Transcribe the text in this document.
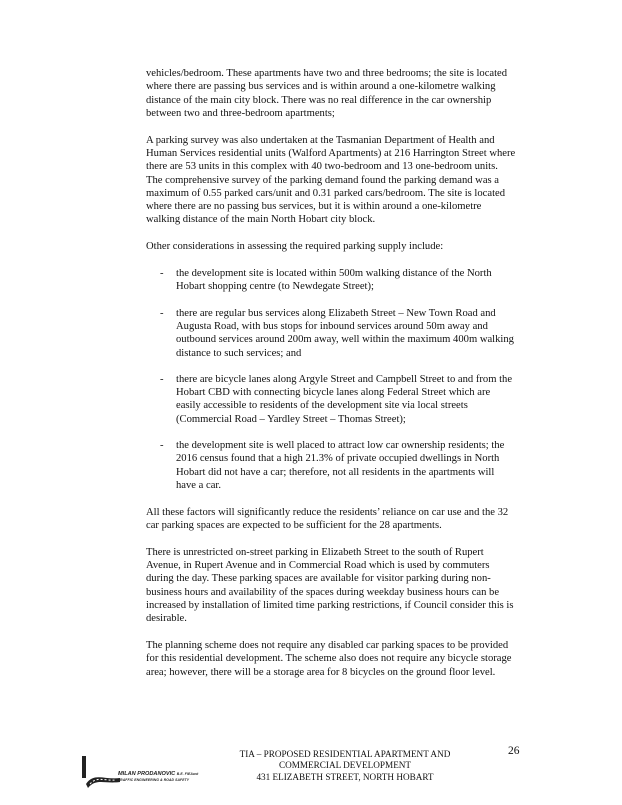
vehicles/bedroom. These apartments have two and three bedrooms; the site is located where there are passing bus services and is within around a one-kilometre walking distance of the main city block. There was no real difference in the car ownership between two and three-bedroom apartments;

A parking survey was also undertaken at the Tasmanian Department of Health and Human Services residential units (Walford Apartments) at 216 Harrington Street where there are 53 units in this complex with 40 two-bedroom and 13 one-bedroom units. The comprehensive survey of the parking demand found the parking demand was a maximum of 0.55 parked cars/unit and 0.31 parked cars/bedroom. The site is located where there are no passing bus services, but it is within around a one-kilometre walking distance of the main North Hobart city block.

Other considerations in assessing the required parking supply include:

- the development site is located within 500m walking distance of the North Hobart shopping centre (to Newdegate Street);
- there are regular bus services along Elizabeth Street – New Town Road and Augusta Road, with bus stops for inbound services around 50m away and outbound services around 200m away, well within the maximum 400m walking distance to such services; and
- there are bicycle lanes along Argyle Street and Campbell Street to and from the Hobart CBD with connecting bicycle lanes along Federal Street which are easily accessible to residents of the development site via local streets (Commercial Road – Yardley Street – Thomas Street);
- the development site is well placed to attract low car ownership residents; the 2016 census found that a high 21.3% of private occupied dwellings in North Hobart did not have a car; therefore, not all residents in the apartments will have a car.

All these factors will significantly reduce the residents’ reliance on car use and the 32 car parking spaces are expected to be sufficient for the 28 apartments.

There is unrestricted on-street parking in Elizabeth Street to the south of Rupert Avenue, in Rupert Avenue and in Commercial Road which is used by commuters during the day. These parking spaces are available for visitor parking during non-business hours and availability of the spaces during weekday business hours can be increased by installation of limited time parking restrictions, if Council consider this is desirable.

The planning scheme does not require any disabled car parking spaces to be provided for this residential development. The scheme also does not require any bicycle storage area; however, there will be a storage area for 8 bicycles on the ground floor level.

MILAN PRODANOVIC B.E. FIEAust
TRAFFIC ENGINEERING & ROAD SAFETY
TIA – PROPOSED RESIDENTIAL APARTMENT AND
COMMERCIAL DEVELOPMENT
431 ELIZABETH STREET, NORTH HOBART
26
